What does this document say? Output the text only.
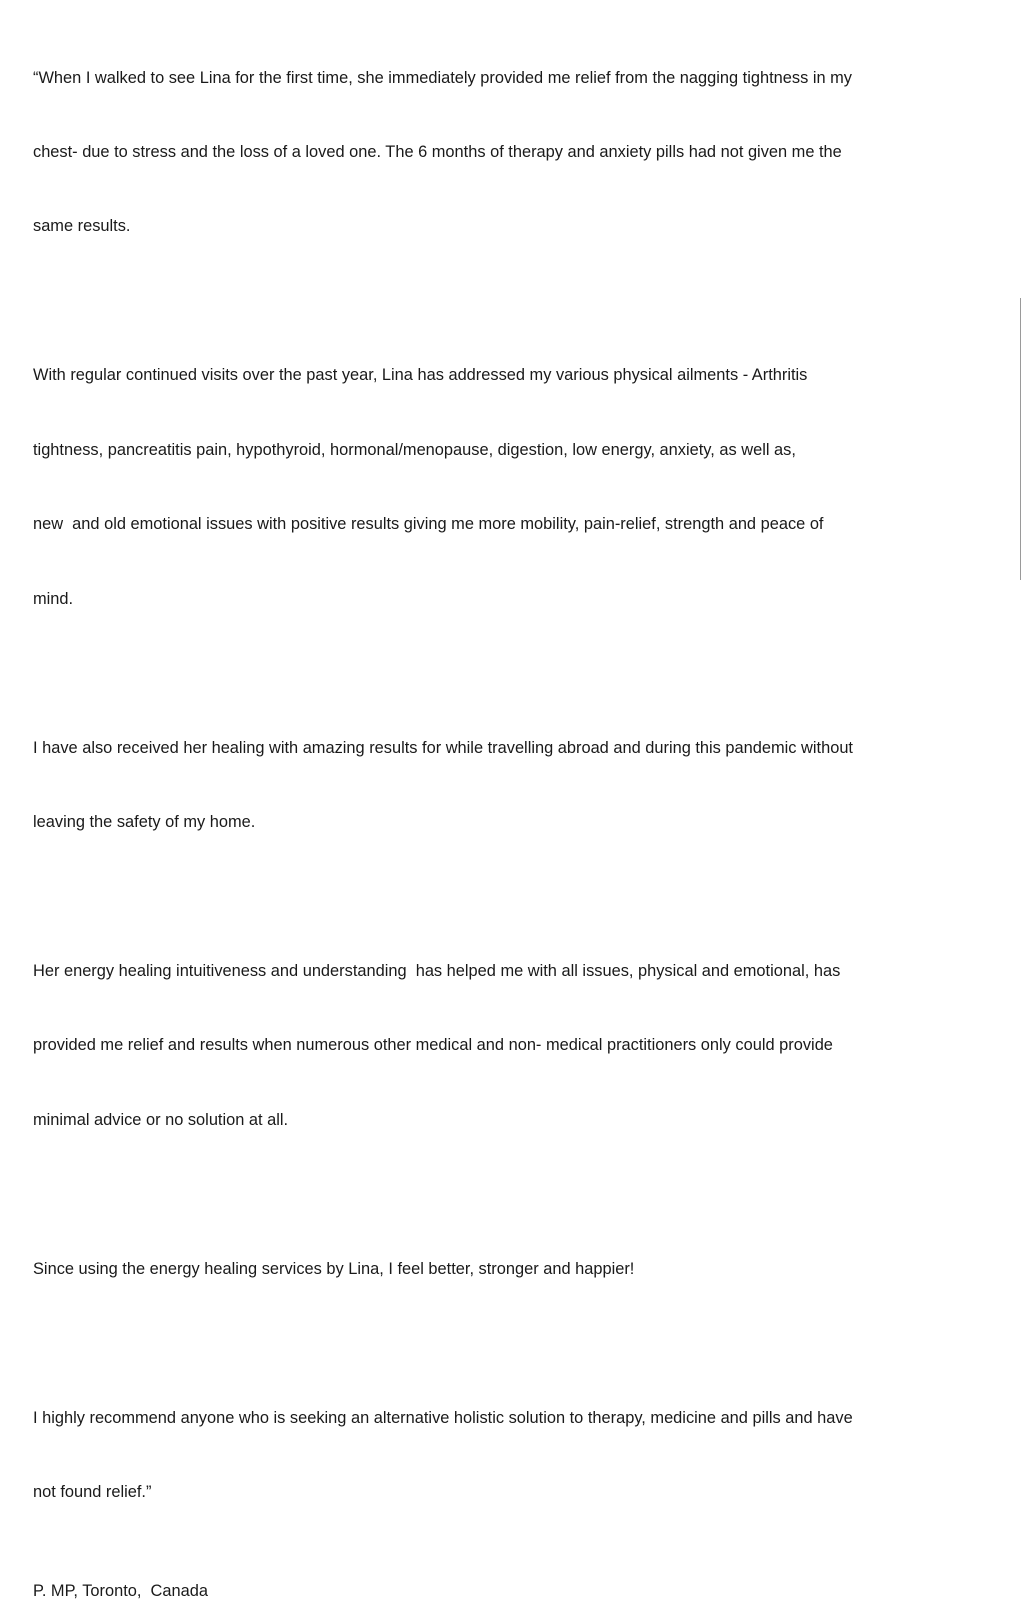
“When I walked to see Lina for the first time, she immediately provided me relief from the nagging tightness in my

chest- due to stress and the loss of a loved one. The 6 months of therapy and anxiety pills had not given me the

same results.

With regular continued visits over the past year, Lina has addressed my various physical ailments - Arthritis

tightness, pancreatitis pain, hypothyroid, hormonal/menopause, digestion, low energy, anxiety, as well as,

new  and old emotional issues with positive results giving me more mobility, pain-relief, strength and peace of

mind.

I have also received her healing with amazing results for while travelling abroad and during this pandemic without

leaving the safety of my home.

Her energy healing intuitiveness and understanding  has helped me with all issues, physical and emotional, has

provided me relief and results when numerous other medical and non- medical practitioners only could provide

minimal advice or no solution at all.

Since using the energy healing services by Lina, I feel better, stronger and happier!

I highly recommend anyone who is seeking an alternative holistic solution to therapy, medicine and pills and have

not found relief.”

P. MP, Toronto,  Canada
